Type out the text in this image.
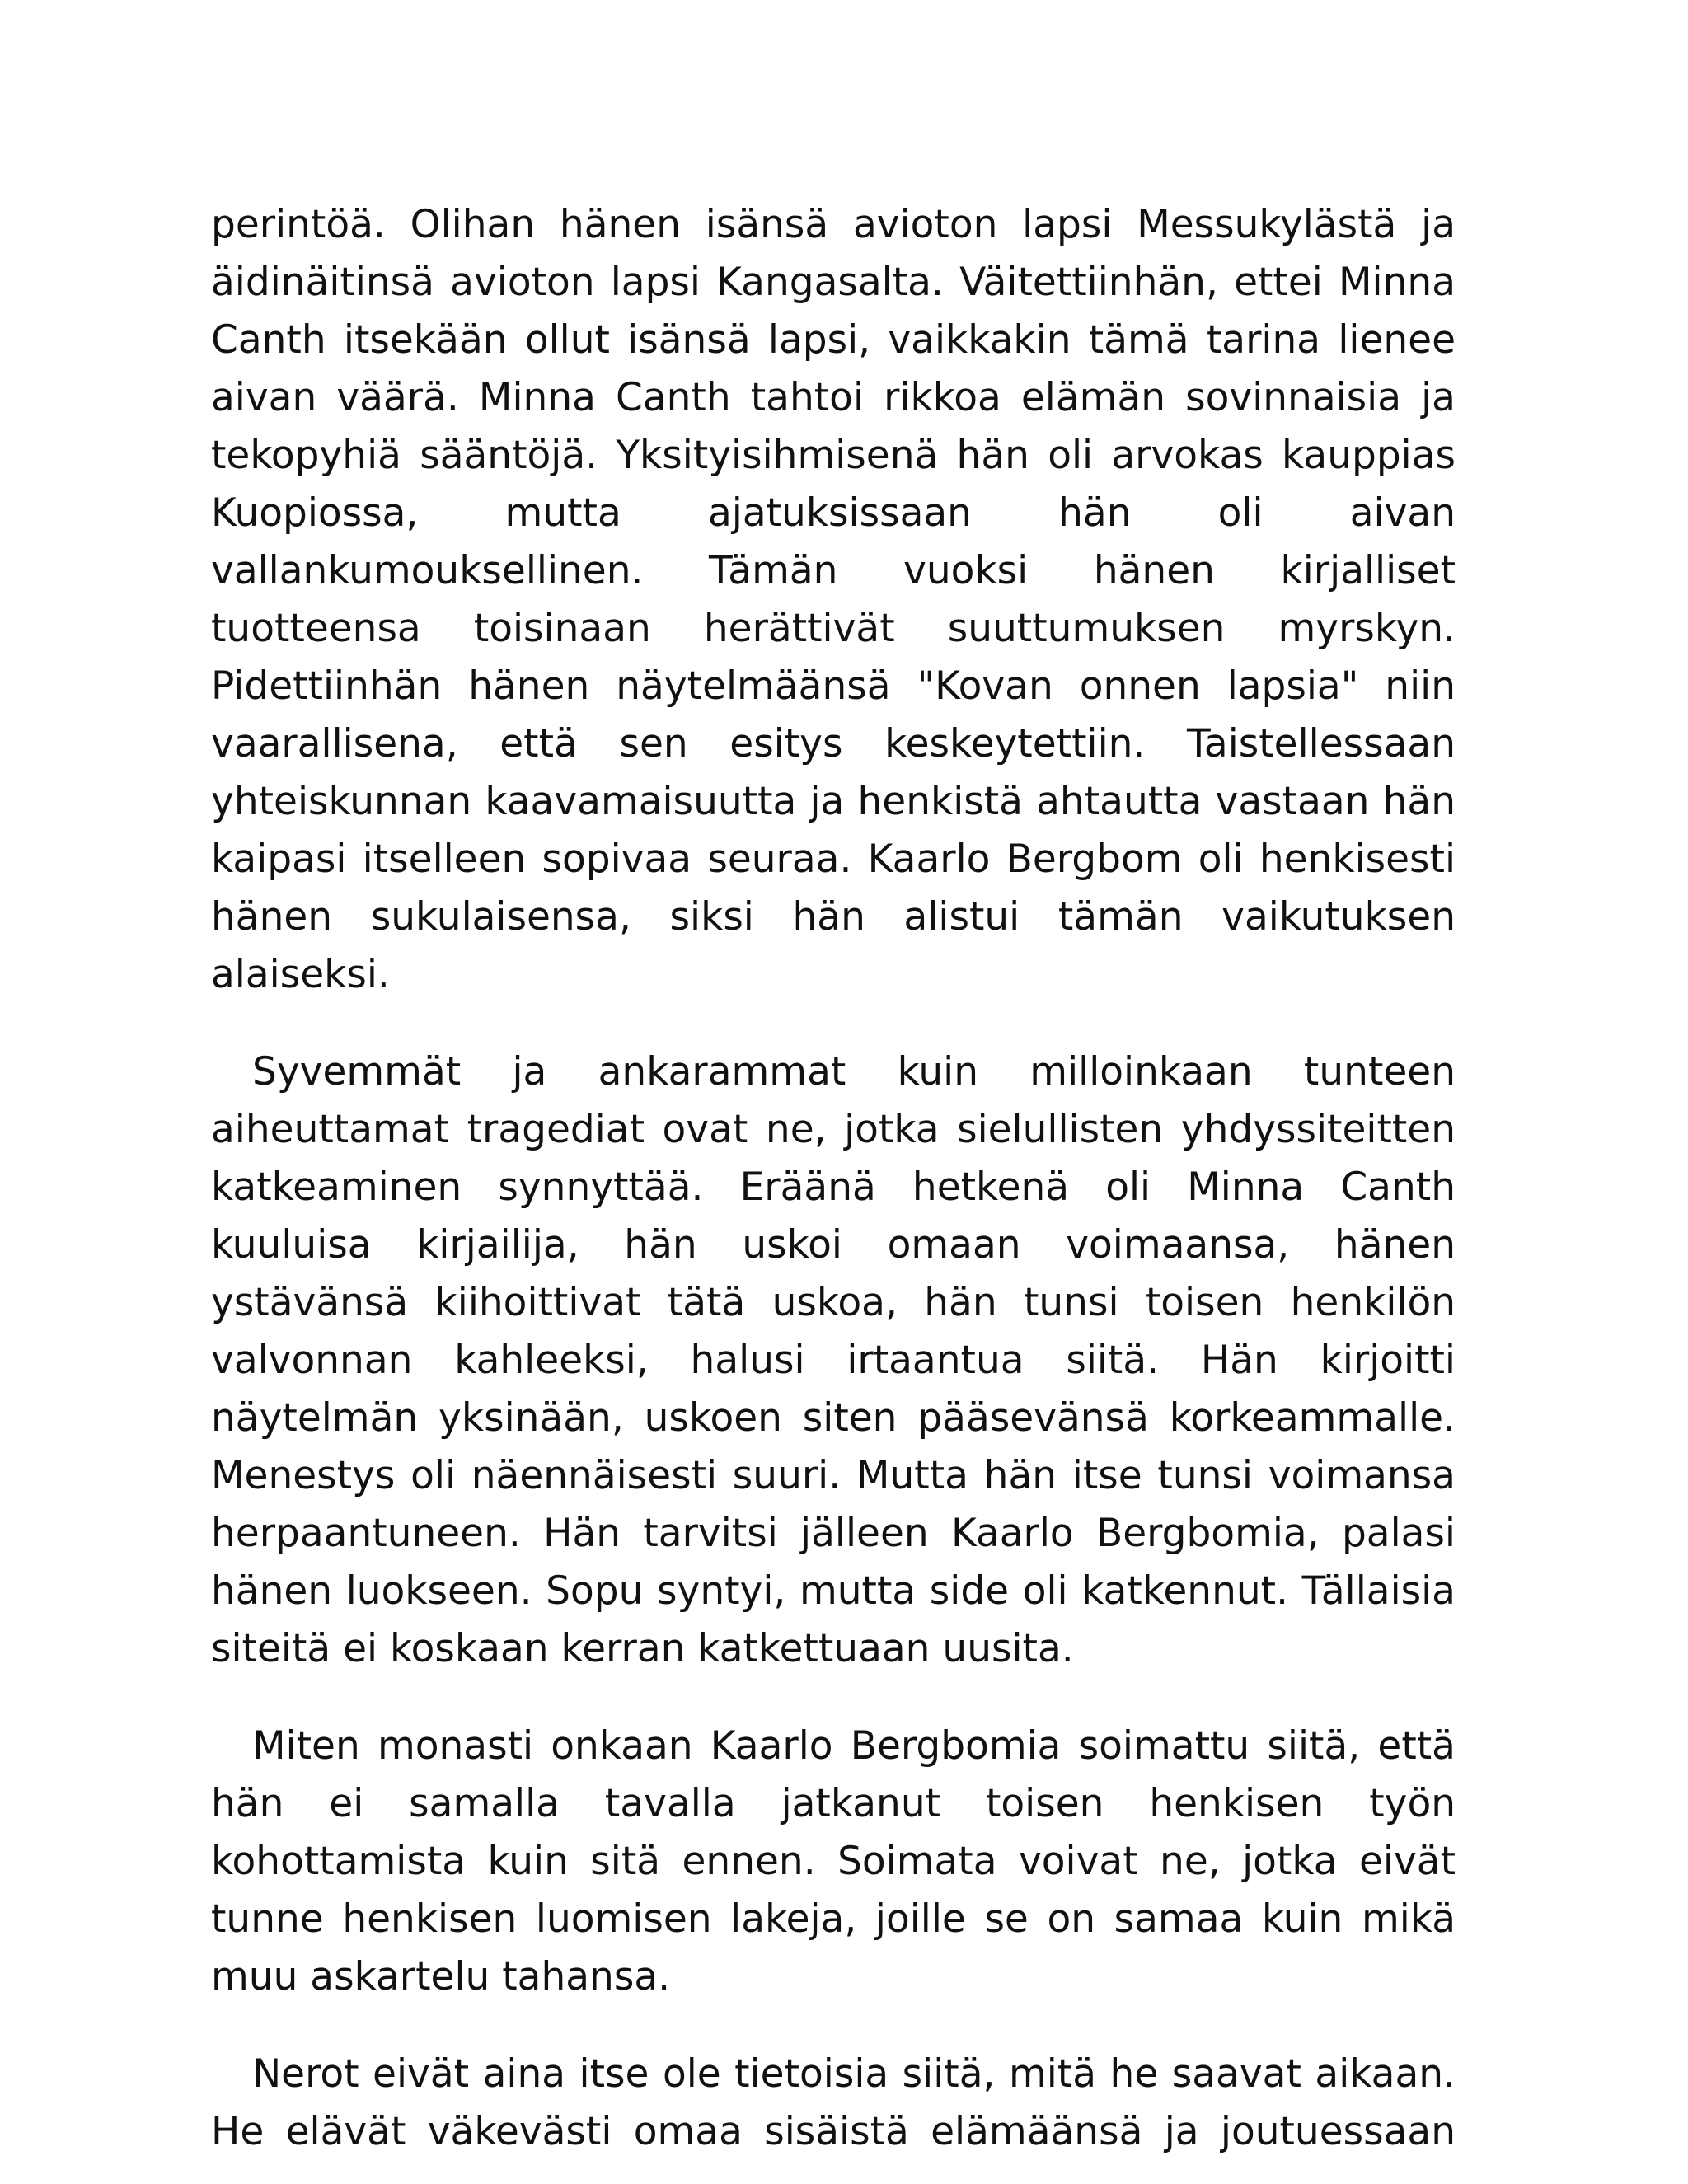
perintöä. Olihan hänen isänsä avioton lapsi Messukylästä ja äidinäitinsä avioton lapsi Kangasalta. Väitettiinhän, ettei Minna Canth itsekään ollut isänsä lapsi, vaikkakin tämä tarina lienee aivan väärä. Minna Canth tahtoi rikkoa elämän sovinnaisia ja tekopyhiä sääntöjä. Yksityisihmisenä hän oli arvokas kauppias Kuopiossa, mutta ajatuksissaan hän oli aivan vallankumouksellinen. Tämän vuoksi hänen kirjalliset tuotteensa toisinaan herättivät suuttumuksen myrskyn. Pidettiinhän hänen näytelmäänsä "Kovan onnen lapsia" niin vaarallisena, että sen esitys keskeytettiin. Taistellessaan yhteiskunnan kaavamaisuutta ja henkistä ahtautta vastaan hän kaipasi itselleen sopivaa seuraa. Kaarlo Bergbom oli henkisesti hänen sukulaisensa, siksi hän alistui tämän vaikutuksen alaiseksi.

Syvemmät ja ankarammat kuin milloinkaan tunteen aiheuttamat tragediat ovat ne, jotka sielullisten yhdyssiteitten katkeaminen synnyttää. Eräänä hetkenä oli Minna Canth kuuluisa kirjailija, hän uskoi omaan voimaansa, hänen ystävänsä kiihoittivat tätä uskoa, hän tunsi toisen henkilön valvonnan kahleeksi, halusi irtaantua siitä. Hän kirjoitti näytelmän yksinään, uskoen siten pääsevänsä korkeammalle. Menestys oli näennäisesti suuri. Mutta hän itse tunsi voimansa herpaantuneen. Hän tarvitsi jälleen Kaarlo Bergbomia, palasi hänen luokseen. Sopu syntyi, mutta side oli katkennut. Tällaisia siteitä ei koskaan kerran katkettuaan uusita.

Miten monasti onkaan Kaarlo Bergbomia soimattu siitä, että hän ei samalla tavalla jatkanut toisen henkisen työn kohottamista kuin sitä ennen. Soimata voivat ne, jotka eivät tunne henkisen luomisen lakeja, joille se on samaa kuin mikä muu askartelu tahansa.

Nerot eivät aina itse ole tietoisia siitä, mitä he saavat aikaan. He elävät väkevästi omaa sisäistä elämäänsä ja joutuessaan
